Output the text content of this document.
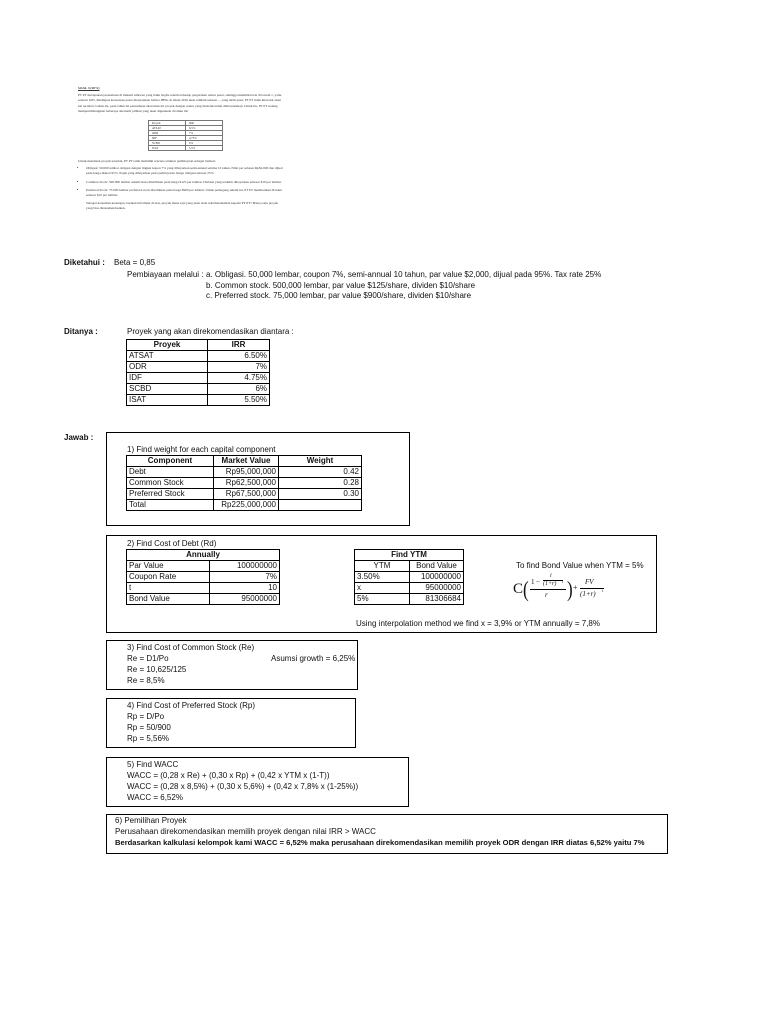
SOAL 3 (20%)

PT PT merupakan perusahaan di industri kilawan yang tidak begitu rentah terhadap pergerakan return pasar, sehingga memiliki beta di bawah 1, yaitu sebesar 0,85. Mediupus konsensus pasar menyatakan bahwa IHSG di tahun 2016 akan tumbuh sebesar ... yang lebih pasti, PT PT tidak khawatir akan hal tersebut. Untuk itu, pada tahun ini perusahaan akan mencari proyek dengan return yang menarik untuk diinvestasikan. Untuk itu, PT PT sedang mempertimbangkan beberapa alternatif pilihan yang akan digunakan di tahun ini:

Proyek	IRR
ATSAT	6,5%
ODR	7%
IDF	4,75%
SCBD	6%
ISAT	5,5%

Untuk mendanai proyek tersebut, PT PT telah memiliki rencana struktur pembiayaan sebagai berikut:

• Obligasi: 50.000 lembar obligasi dengan tingkat kupon 7% yang dibayarkan semi-annual selama 10 tahun. Nilai par sebesar Rp$2.000 dan dijual pada harga diskon 95%. Pajak yang dibayarkan pada pembayaran bunga obligasi sebesar 25%.
• Common Stock: 500.000 lembar saham biasa diterbitkan pada harga $125 per lembar. Dividen yang terakhir dibayarkan sebesar $10 per lembar.
• Preferred Stock: 75.000 lembar preferred stock diterbitkan pada harga $900 per lembar. Untuk pemegang saham ini, PT PT memberikan dividen sebesar $10 per lembar.
Sebagai konsultan keuangan, berikan informasi di atas, proyek mana saja yang akan anda rekomendasikan kepada PT PT? Hanya satu proyek yang bisa direkomendasikan.
Diketahui : Beta = 0,85
Pembiayaan melalui : a. Obligasi. 50,000 lembar, coupon 7%, semi-annual 10 tahun, par value $2,000, dijual pada 95%. Tax rate 25%
b. Common stock. 500,000 lembar, par value $125/share, dividen $10/share
c. Preferred stock. 75,000 lembar, par value $900/share, dividen $10/share
Ditanya :	Proyek yang akan direkomendasikan diantara :
Proyek	IRR
ATSAT	6.50%
ODR	7%
IDF	4.75%
SCBD	6%
ISAT	5.50%
Jawab :
1) Find weight for each capital component
Component	Market Value	Weight
Debt	Rp95,000,000	0.42
Common Stock	Rp62,500,000	0.28
Preferred Stock	Rp67,500,000	0.30
Total	Rp225,000,000	
2) Find Cost of Debt (Rd)
Annually	
Par Value	100000000
Coupon Rate	7%
t	10
Bond Value	95000000
Find YTM	
YTM	Bond Value
3.50%	100000000
x	95000000
5%	81306684
To find Bond Value when YTM = 5%
C ( 1 −
i
(1+r) t
r ) +
FV
(1+r) t
Using interpolation method we find x = 3,9% or YTM annually = 7,8%
3) Find Cost of Common Stock (Re)
Re = D1/Po
Re = 10,625/125
Re = 8,5%
Asumsi growth = 6,25%
4) Find Cost of Preferred Stock (Rp)
Rp = D/Po
Rp = 50/900
Rp = 5,56%
5) Find WACC
WACC = (0,28 x Re) + (0,30 x Rp) + (0,42 x YTM x (1-T))
WACC = (0,28 x 8,5%) + (0,30 x 5,6%) + (0,42 x 7,8% x (1-25%))
WACC = 6,52%
6) Pemilihan Proyek
Perusahaan direkomendasikan memilih proyek dengan nilai IRR > WACC
Berdasarkan kalkulasi kelompok kami WACC = 6,52% maka perusahaan direkomendasikan memilih proyek ODR dengan IRR diatas 6,52% yaitu 7%
